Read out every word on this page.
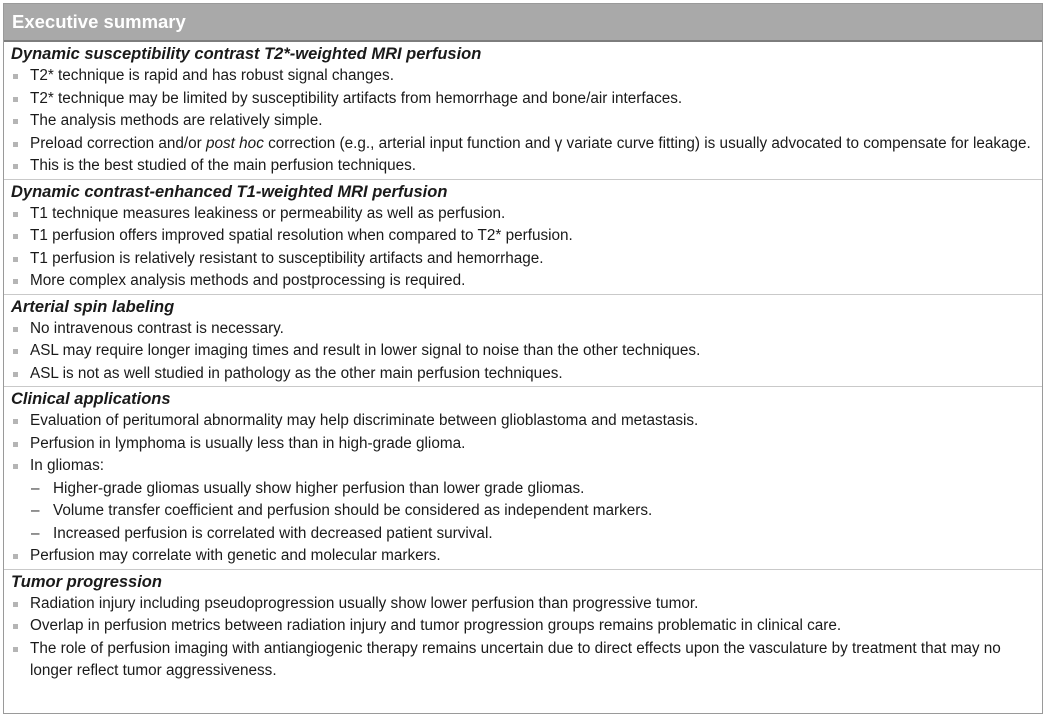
Executive summary
Dynamic susceptibility contrast T2*-weighted MRI perfusion
T2* technique is rapid and has robust signal changes.
T2* technique may be limited by susceptibility artifacts from hemorrhage and bone/air interfaces.
The analysis methods are relatively simple.
Preload correction and/or post hoc correction (e.g., arterial input function and γ variate curve fitting) is usually advocated to compensate for leakage.
This is the best studied of the main perfusion techniques.
Dynamic contrast-enhanced T1-weighted MRI perfusion
T1 technique measures leakiness or permeability as well as perfusion.
T1 perfusion offers improved spatial resolution when compared to T2* perfusion.
T1 perfusion is relatively resistant to susceptibility artifacts and hemorrhage.
More complex analysis methods and postprocessing is required.
Arterial spin labeling
No intravenous contrast is necessary.
ASL may require longer imaging times and result in lower signal to noise than the other techniques.
ASL is not as well studied in pathology as the other main perfusion techniques.
Clinical applications
Evaluation of peritumoral abnormality may help discriminate between glioblastoma and metastasis.
Perfusion in lymphoma is usually less than in high-grade glioma.
In gliomas:
– Higher-grade gliomas usually show higher perfusion than lower grade gliomas.
– Volume transfer coefficient and perfusion should be considered as independent markers.
– Increased perfusion is correlated with decreased patient survival.
Perfusion may correlate with genetic and molecular markers.
Tumor progression
Radiation injury including pseudoprogression usually show lower perfusion than progressive tumor.
Overlap in perfusion metrics between radiation injury and tumor progression groups remains problematic in clinical care.
The role of perfusion imaging with antiangiogenic therapy remains uncertain due to direct effects upon the vasculature by treatment that may no longer reflect tumor aggressiveness.
